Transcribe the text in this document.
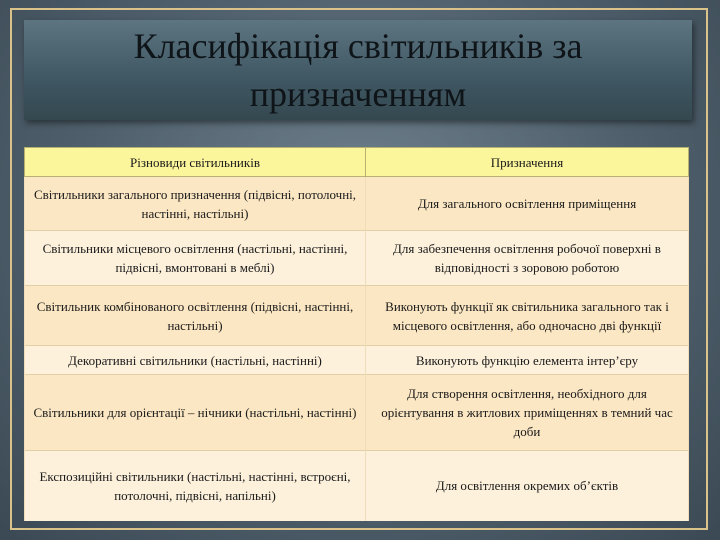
Класифікація світильників за призначенням
Різновиди світильників	Призначення
Світильники загального призначення (підвісні, потолочні, настінні, настільні)	Для загального освітлення приміщення
Світильники місцевого освітлення (настільні, настінні, підвісні, вмонтовані в меблі)	Для забезпечення освітлення робочої поверхні в відповідності з зоровою роботою
Світильник комбінованого освітлення (підвісні, настінні, настільні)	Виконують функції як світильника загального так і місцевого освітлення, або одночасно дві функції
Декоративні світильники (настільні, настінні)	Виконують функцію елемента інтер’єру
Світильники для орієнтації – нічники (настільні, настінні)	Для створення освітлення, необхідного для орієнтування в житлових приміщеннях в темний час доби
Експозиційні світильники (настільні, настінні, встроєні, потолочні, підвісні, напільні)	Для освітлення окремих об’єктів
